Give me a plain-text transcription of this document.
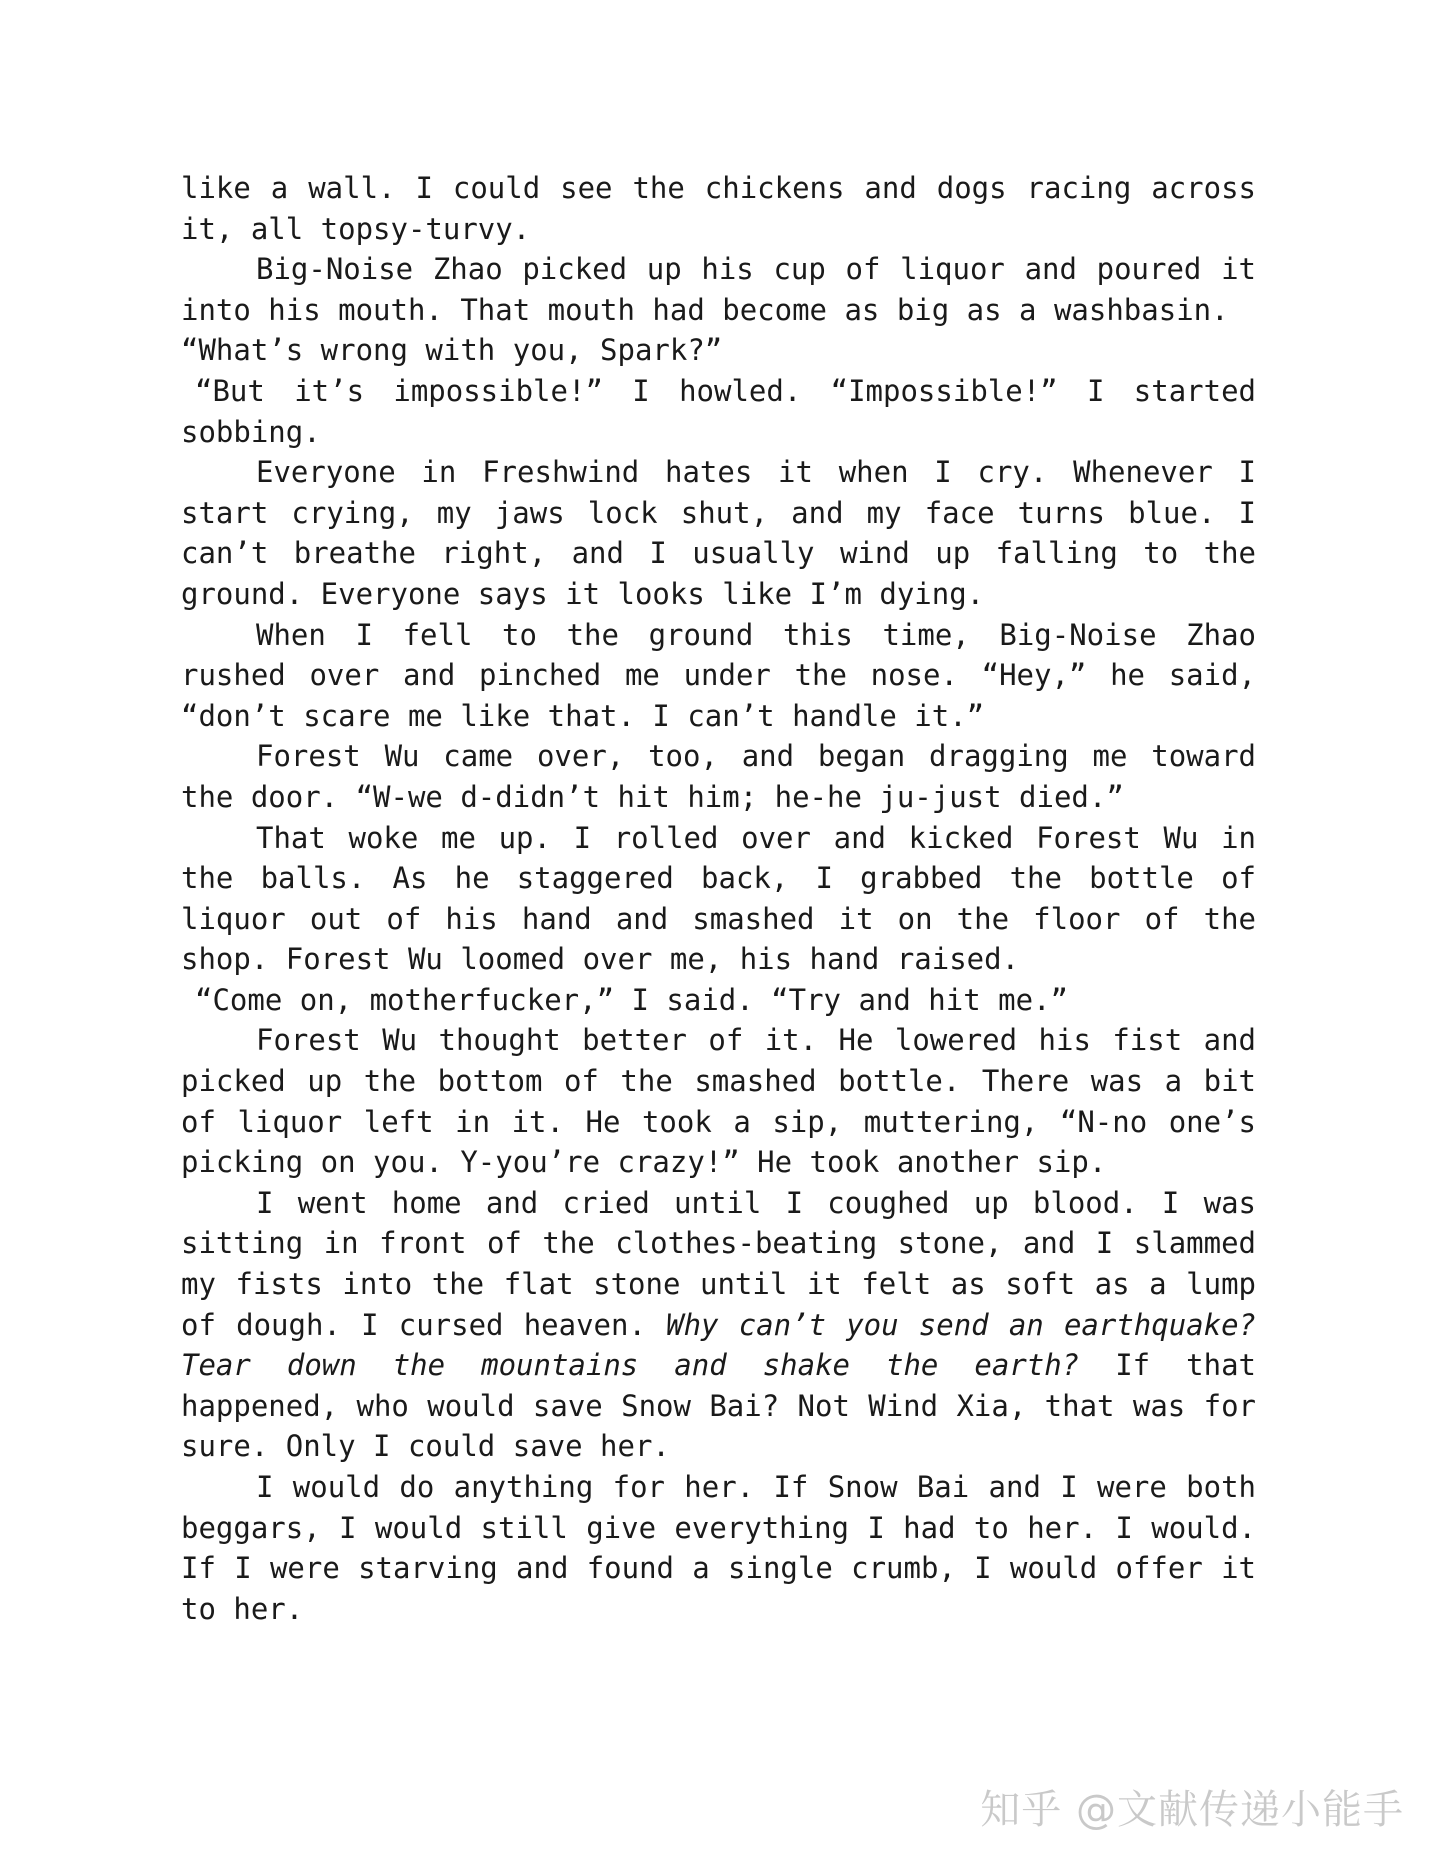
like a wall. I could see the chickens and dogs racing across it, all topsy-turvy.

Big-Noise Zhao picked up his cup of liquor and poured it into his mouth. That mouth had become as big as a washbasin.

“What’s wrong with you, Spark?”

“But it’s impossible!” I howled. “Impossible!” I started sobbing.

Everyone in Freshwind hates it when I cry. Whenever I start crying, my jaws lock shut, and my face turns blue. I can’t breathe right, and I usually wind up falling to the ground. Everyone says it looks like I’m dying.

When I fell to the ground this time, Big-Noise Zhao rushed over and pinched me under the nose. “Hey,” he said, “don’t scare me like that. I can’t handle it.”

Forest Wu came over, too, and began dragging me toward the door. “W-we d-didn’t hit him; he-he ju-just died.”

That woke me up. I rolled over and kicked Forest Wu in the balls. As he staggered back, I grabbed the bottle of liquor out of his hand and smashed it on the floor of the shop. Forest Wu loomed over me, his hand raised.

“Come on, motherfucker,” I said. “Try and hit me.”

Forest Wu thought better of it. He lowered his fist and picked up the bottom of the smashed bottle. There was a bit of liquor left in it. He took a sip, muttering, “N-no one’s picking on you. Y-you’re crazy!” He took another sip.

I went home and cried until I coughed up blood. I was sitting in front of the clothes-beating stone, and I slammed my fists into the flat stone until it felt as soft as a lump of dough. I cursed heaven. Why can’t you send an earthquake? Tear down the mountains and shake the earth? If that happened, who would save Snow Bai? Not Wind Xia, that was for sure. Only I could save her.

I would do anything for her. If Snow Bai and I were both beggars, I would still give everything I had to her. I would. If I were starving and found a single crumb, I would offer it to her.

知乎 @文献传递小能手
